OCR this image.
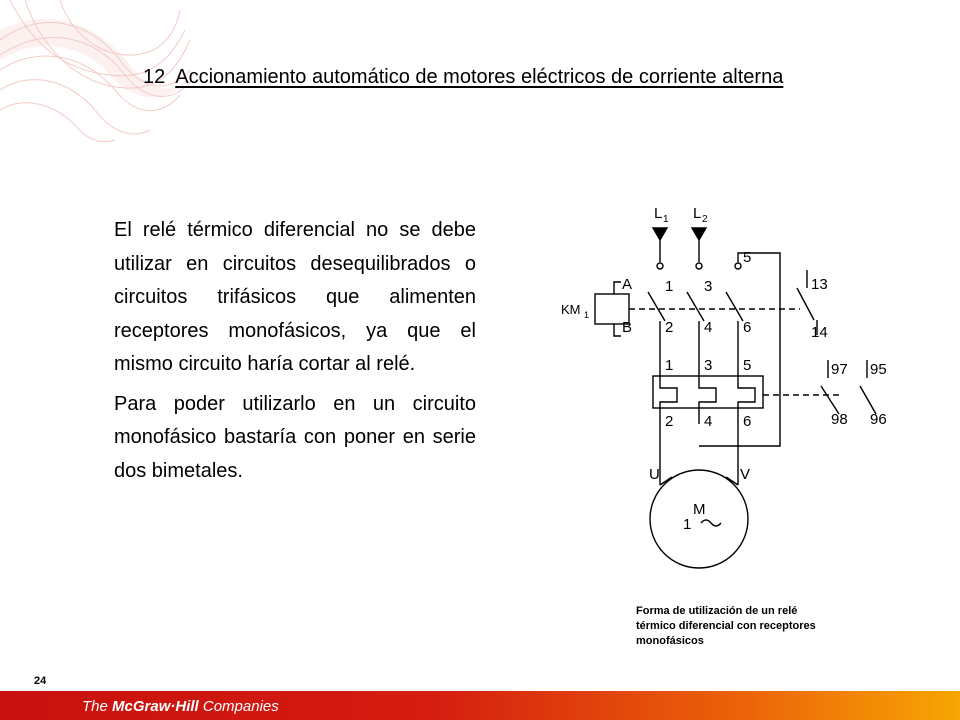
12 Accionamiento automático de motores eléctricos de corriente alterna

El relé térmico diferencial no se debe utilizar en circuitos desequilibrados o circuitos trifásicos que alimenten receptores monofásicos, ya que el mismo circuito haría cortar al relé.

Para poder utilizarlo en un circuito monofásico bastaría con poner en serie dos bimetales.

L 1 L 2
A
B
KM 1
1 3
5
2 4 6
13
14
1 3 5
2 4 6
97 95
98 96
U	V
M
1
Forma de utilización de un relé térmico diferencial con receptores monofásicos
24
The McGraw·Hill Companies
